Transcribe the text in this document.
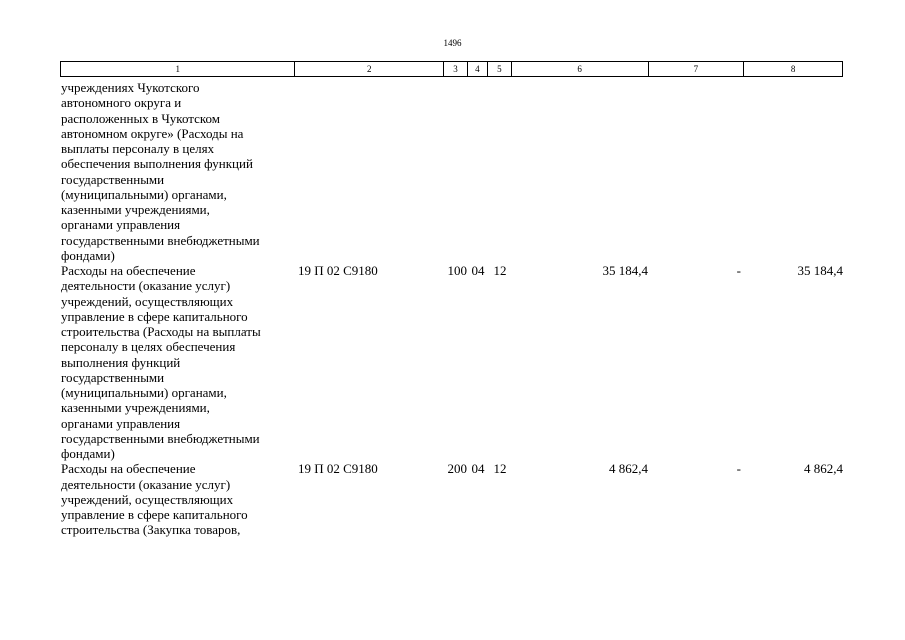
1496
1	2	3	4	5	6	7	8
учреждениях Чукотского
автономного округа и
расположенных в Чукотском
автономном округе» (Расходы на
выплаты персоналу в целях
обеспечения выполнения функций
государственными
(муниципальными) органами,
казенными учреждениями,
органами управления
государственными внебюджетными
фондами)
Расходы на обеспечение
деятельности (оказание услуг)
учреждений, осуществляющих
управление в сфере капитального
строительства (Расходы на выплаты
персоналу в целях обеспечения
выполнения функций
государственными
(муниципальными) органами,
казенными учреждениями,
органами управления
государственными внебюджетными
фондами)
19 П 02 С9180	100 04 12	35 184,4	-	35 184,4
Расходы на обеспечение
деятельности (оказание услуг)
учреждений, осуществляющих
управление в сфере капитального
строительства (Закупка товаров,
19 П 02 С9180	200 04 12	4 862,4	-	4 862,4
